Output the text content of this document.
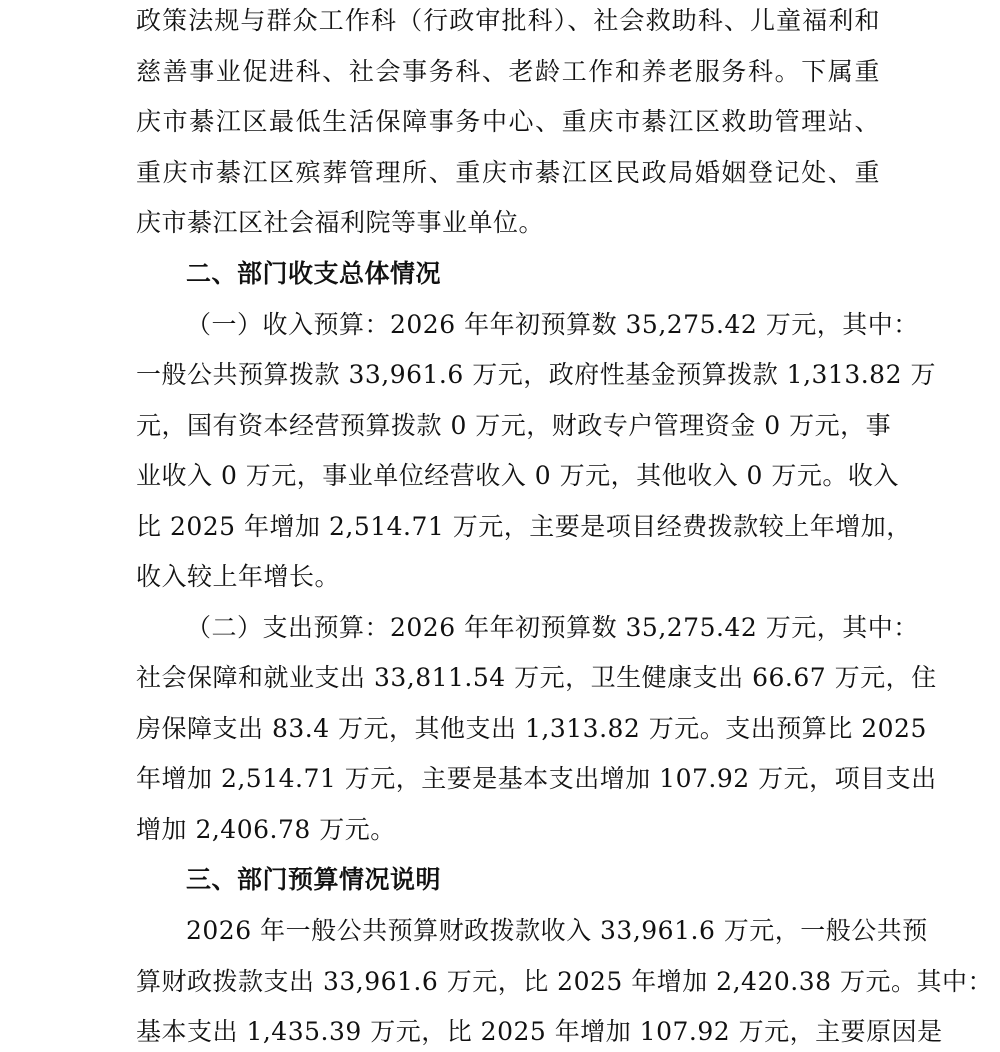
政策法规与群众工作科（行政审批科）、社会救助科、儿童福利和
慈善事业促进科、社会事务科、老龄工作和养老服务科。下属重
庆市綦江区最低生活保障事务中心、重庆市綦江区救助管理站、
重庆市綦江区殡葬管理所、重庆市綦江区民政局婚姻登记处、重
庆市綦江区社会福利院等事业单位。
二、部门收支总体情况
（一）收入预算：2026 年年初预算数 35,275.42 万元，其中：
一般公共预算拨款 33,961.6 万元，政府性基金预算拨款 1,313.82 万
元，国有资本经营预算拨款 0 万元，财政专户管理资金 0 万元，事
业收入 0 万元，事业单位经营收入 0 万元，其他收入 0 万元。收入
比 2025 年增加 2,514.71 万元，主要是项目经费拨款较上年增加，
收入较上年增长。
（二）支出预算：2026 年年初预算数 35,275.42 万元，其中：
社会保障和就业支出 33,811.54 万元，卫生健康支出 66.67 万元，住
房保障支出 83.4 万元，其他支出 1,313.82 万元。支出预算比 2025
年增加 2,514.71 万元，主要是基本支出增加 107.92 万元，项目支出
增加 2,406.78 万元。
三、部门预算情况说明
2026 年一般公共预算财政拨款收入 33,961.6 万元，一般公共预
算财政拨款支出 33,961.6 万元，比 2025 年增加 2,420.38 万元。其中：
基本支出 1,435.39 万元，比 2025 年增加 107.92 万元，主要原因是
